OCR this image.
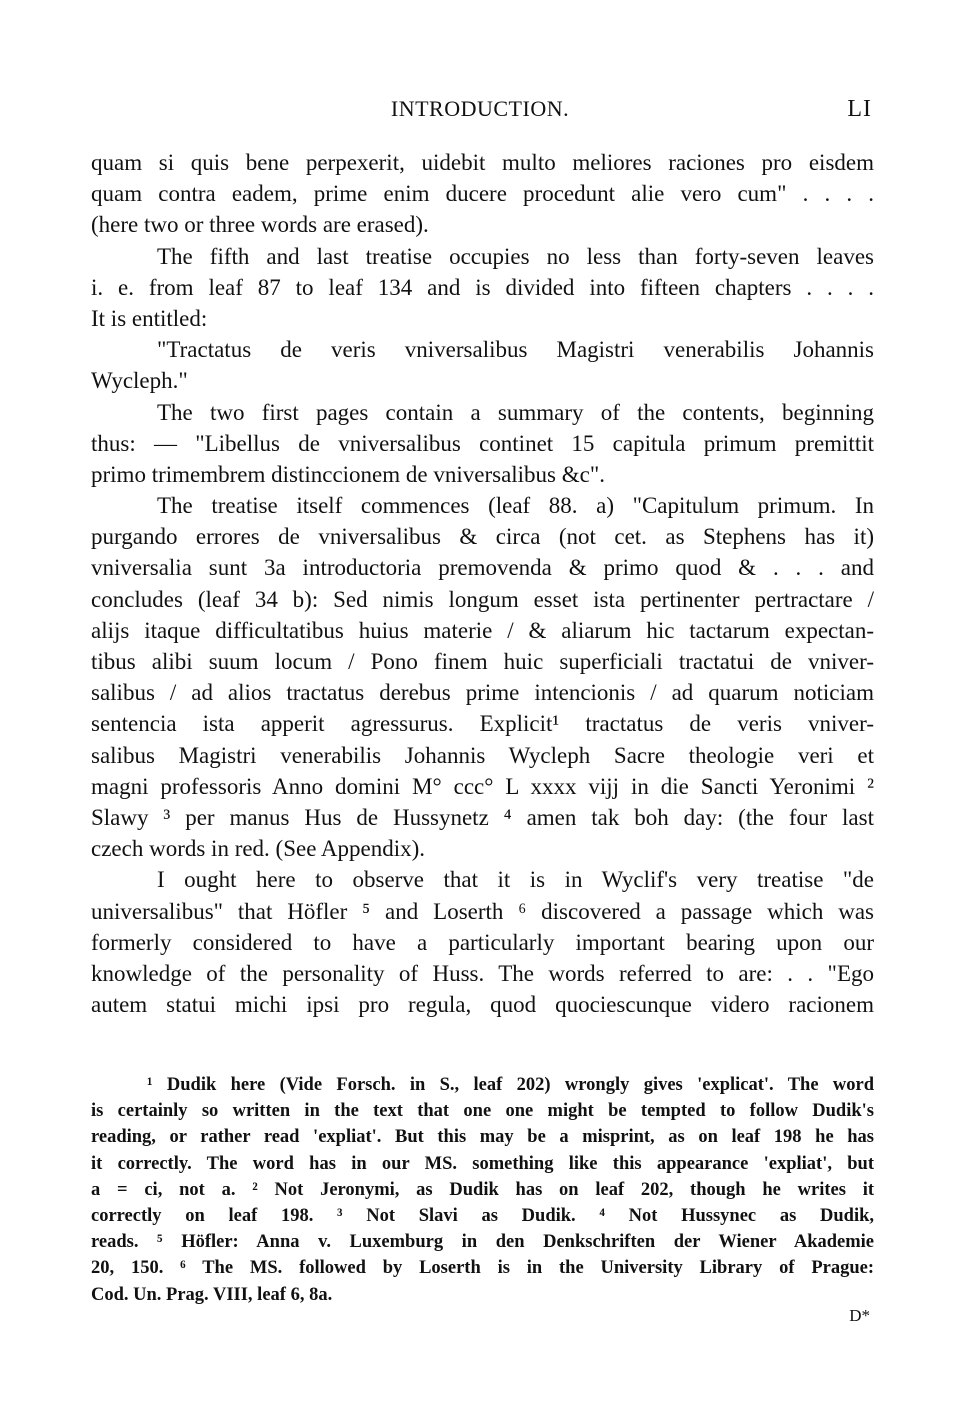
INTRODUCTION.	LI
quam si quis bene perpexerit, uidebit multo meliores raciones pro eisdem
quam contra eadem, prime enim ducere procedunt alie vero cum" . . . .
(here two or three words are erased).
The fifth and last treatise occupies no less than forty-seven leaves
i. e. from leaf 87 to leaf 134 and is divided into fifteen chapters . . . .
It is entitled:
"Tractatus de veris vniversalibus Magistri venerabilis Johannis
Wycleph."
The two first pages contain a summary of the contents, beginning
thus: — "Libellus de vniversalibus continet 15 capitula primum premittit
primo trimembrem distinccionem de vniversalibus &c".
The treatise itself commences (leaf 88. a) "Capitulum primum. In
purgando errores de vniversalibus & circa (not cet. as Stephens has it)
vniversalia sunt 3a introductoria premovenda & primo quod & . . . and
concludes (leaf 34 b): Sed nimis longum esset ista pertinenter pertractare /
alijs itaque difficultatibus huius materie / & aliarum hic tactarum expectan-
tibus alibi suum locum / Pono finem huic superficiali tractatui de vniver-
salibus / ad alios tractatus derebus prime intencionis / ad quarum noticiam
sentencia ista apperit agressurus. Explicit¹ tractatus de veris vniver-
salibus Magistri venerabilis Johannis Wycleph Sacre theologie veri et
magni professoris Anno domini M° ccc° L xxxx vijj in die Sancti Yeronimi ²
Slawy ³ per manus Hus de Hussynetz ⁴ amen tak boh day: (the four last
czech words in red. (See Appendix).
I ought here to observe that it is in Wyclif's very treatise "de
universalibus" that Höfler ⁵ and Loserth ⁶ discovered a passage which was
formerly considered to have a particularly important bearing upon our
knowledge of the personality of Huss. The words referred to are: . . "Ego
autem statui michi ipsi pro regula, quod quociescunque videro racionem
¹ Dudik here (Vide Forsch. in S., leaf 202) wrongly gives 'explicat'. The word
is certainly so written in the text that one one might be tempted to follow Dudik's
reading, or rather read 'expliat'. But this may be a misprint, as on leaf 198 he has
it correctly. The word has in our MS. something like this appearance 'expliat', but
a = ci, not a. ² Not Jeronymi, as Dudik has on leaf 202, though he writes it
correctly on leaf 198. ³ Not Slavi as Dudik. ⁴ Not Hussynec as Dudik,
reads. ⁵ Höfler: Anna v. Luxemburg in den Denkschriften der Wiener Akademie
20, 150. ⁶ The MS. followed by Loserth is in the University Library of Prague:
Cod. Un. Prag. VIII, leaf 6, 8a.
D*
